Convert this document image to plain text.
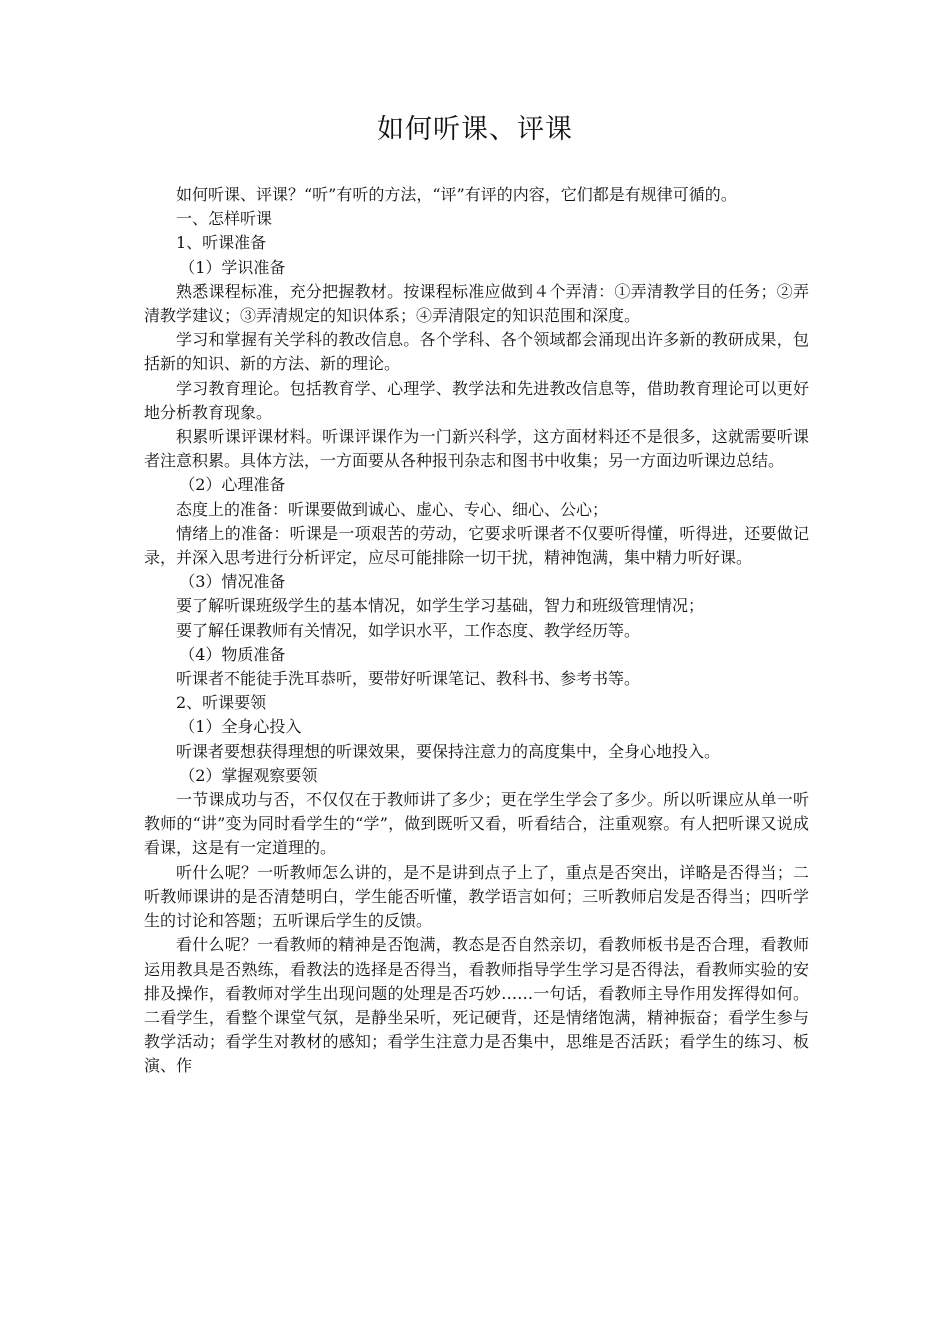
如何听课、评课
如何听课、评课？“听”有听的方法，“评”有评的内容，它们都是有规律可循的。
一、怎样听课
1、听课准备
（1）学识准备
熟悉课程标准，充分把握教材。按课程标准应做到４个弄清：①弄清教学目的任务；②弄清教学建议；③弄清规定的知识体系；④弄清限定的知识范围和深度。
学习和掌握有关学科的教改信息。各个学科、各个领域都会涌现出许多新的教研成果，包括新的知识、新的方法、新的理论。
学习教育理论。包括教育学、心理学、教学法和先进教改信息等，借助教育理论可以更好地分析教育现象。
积累听课评课材料。听课评课作为一门新兴科学，这方面材料还不是很多，这就需要听课者注意积累。具体方法，一方面要从各种报刊杂志和图书中收集；另一方面边听课边总结。
（2）心理准备
态度上的准备：听课要做到诚心、虚心、专心、细心、公心；
情绪上的准备：听课是一项艰苦的劳动，它要求听课者不仅要听得懂，听得进，还要做记录，并深入思考进行分析评定，应尽可能排除一切干扰，精神饱满，集中精力听好课。
（3）情况准备
要了解听课班级学生的基本情况，如学生学习基础，智力和班级管理情况；
要了解任课教师有关情况，如学识水平，工作态度、教学经历等。
（4）物质准备
听课者不能徒手洗耳恭听，要带好听课笔记、教科书、参考书等。
2、听课要领
（1）全身心投入
听课者要想获得理想的听课效果，要保持注意力的高度集中，全身心地投入。
（2）掌握观察要领
一节课成功与否，不仅仅在于教师讲了多少；更在学生学会了多少。所以听课应从单一听教师的“讲”变为同时看学生的“学”，做到既听又看，听看结合，注重观察。有人把听课又说成看课，这是有一定道理的。
听什么呢？一听教师怎么讲的，是不是讲到点子上了，重点是否突出，详略是否得当；二听教师课讲的是否清楚明白，学生能否听懂，教学语言如何；三听教师启发是否得当；四听学生的讨论和答题；五听课后学生的反馈。
看什么呢？一看教师的精神是否饱满，教态是否自然亲切，看教师板书是否合理，看教师运用教具是否熟练，看教法的选择是否得当，看教师指导学生学习是否得法，看教师实验的安排及操作，看教师对学生出现问题的处理是否巧妙……一句话，看教师主导作用发挥得如何。二看学生，看整个课堂气氛，是静坐呆听，死记硬背，还是情绪饱满，精神振奋；看学生参与教学活动；看学生对教材的感知；看学生注意力是否集中，思维是否活跃；看学生的练习、板演、作
